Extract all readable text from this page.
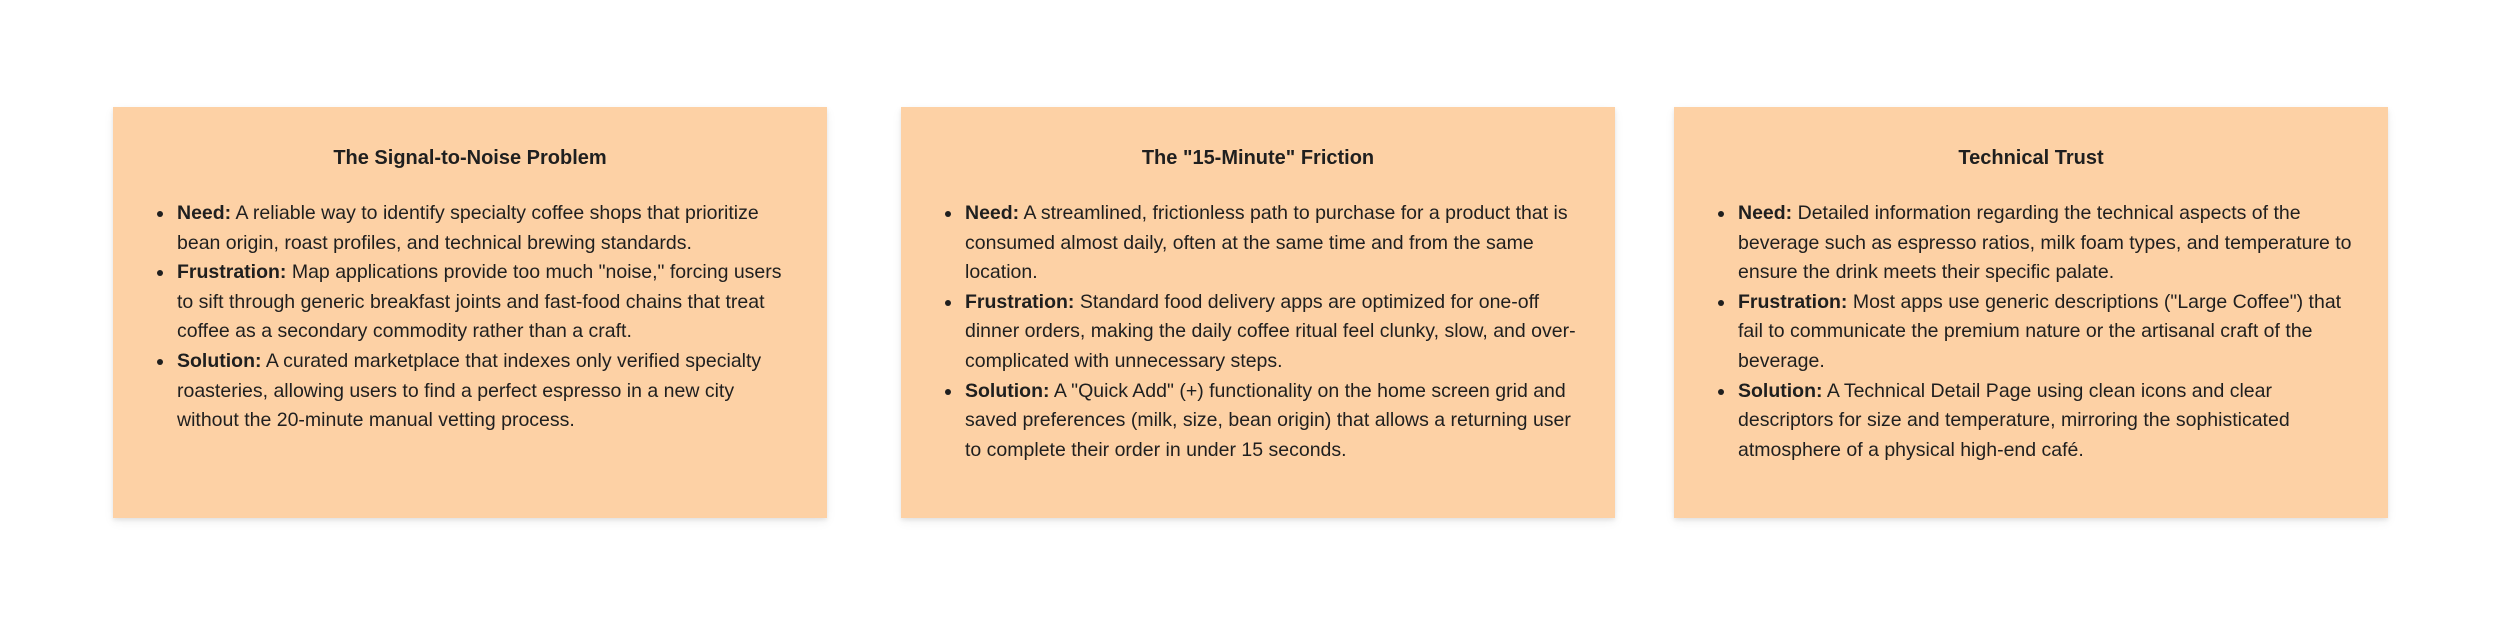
The Signal-to-Noise Problem
Need: A reliable way to identify specialty coffee shops that prioritize bean origin, roast profiles, and technical brewing standards.
Frustration: Map applications provide too much "noise," forcing users to sift through generic breakfast joints and fast-food chains that treat coffee as a secondary commodity rather than a craft.
Solution: A curated marketplace that indexes only verified specialty roasteries, allowing users to find a perfect espresso in a new city without the 20-minute manual vetting process.
The "15-Minute" Friction
Need: A streamlined, frictionless path to purchase for a product that is consumed almost daily, often at the same time and from the same location.
Frustration: Standard food delivery apps are optimized for one-off dinner orders, making the daily coffee ritual feel clunky, slow, and over-complicated with unnecessary steps.
Solution: A "Quick Add" (+) functionality on the home screen grid and saved preferences (milk, size, bean origin) that allows a returning user to complete their order in under 15 seconds.
Technical Trust
Need: Detailed information regarding the technical aspects of the beverage such as espresso ratios, milk foam types, and temperature to ensure the drink meets their specific palate.
Frustration: Most apps use generic descriptions ("Large Coffee") that fail to communicate the premium nature or the artisanal craft of the beverage.
Solution: A Technical Detail Page using clean icons and clear descriptors for size and temperature, mirroring the sophisticated atmosphere of a physical high-end café.
